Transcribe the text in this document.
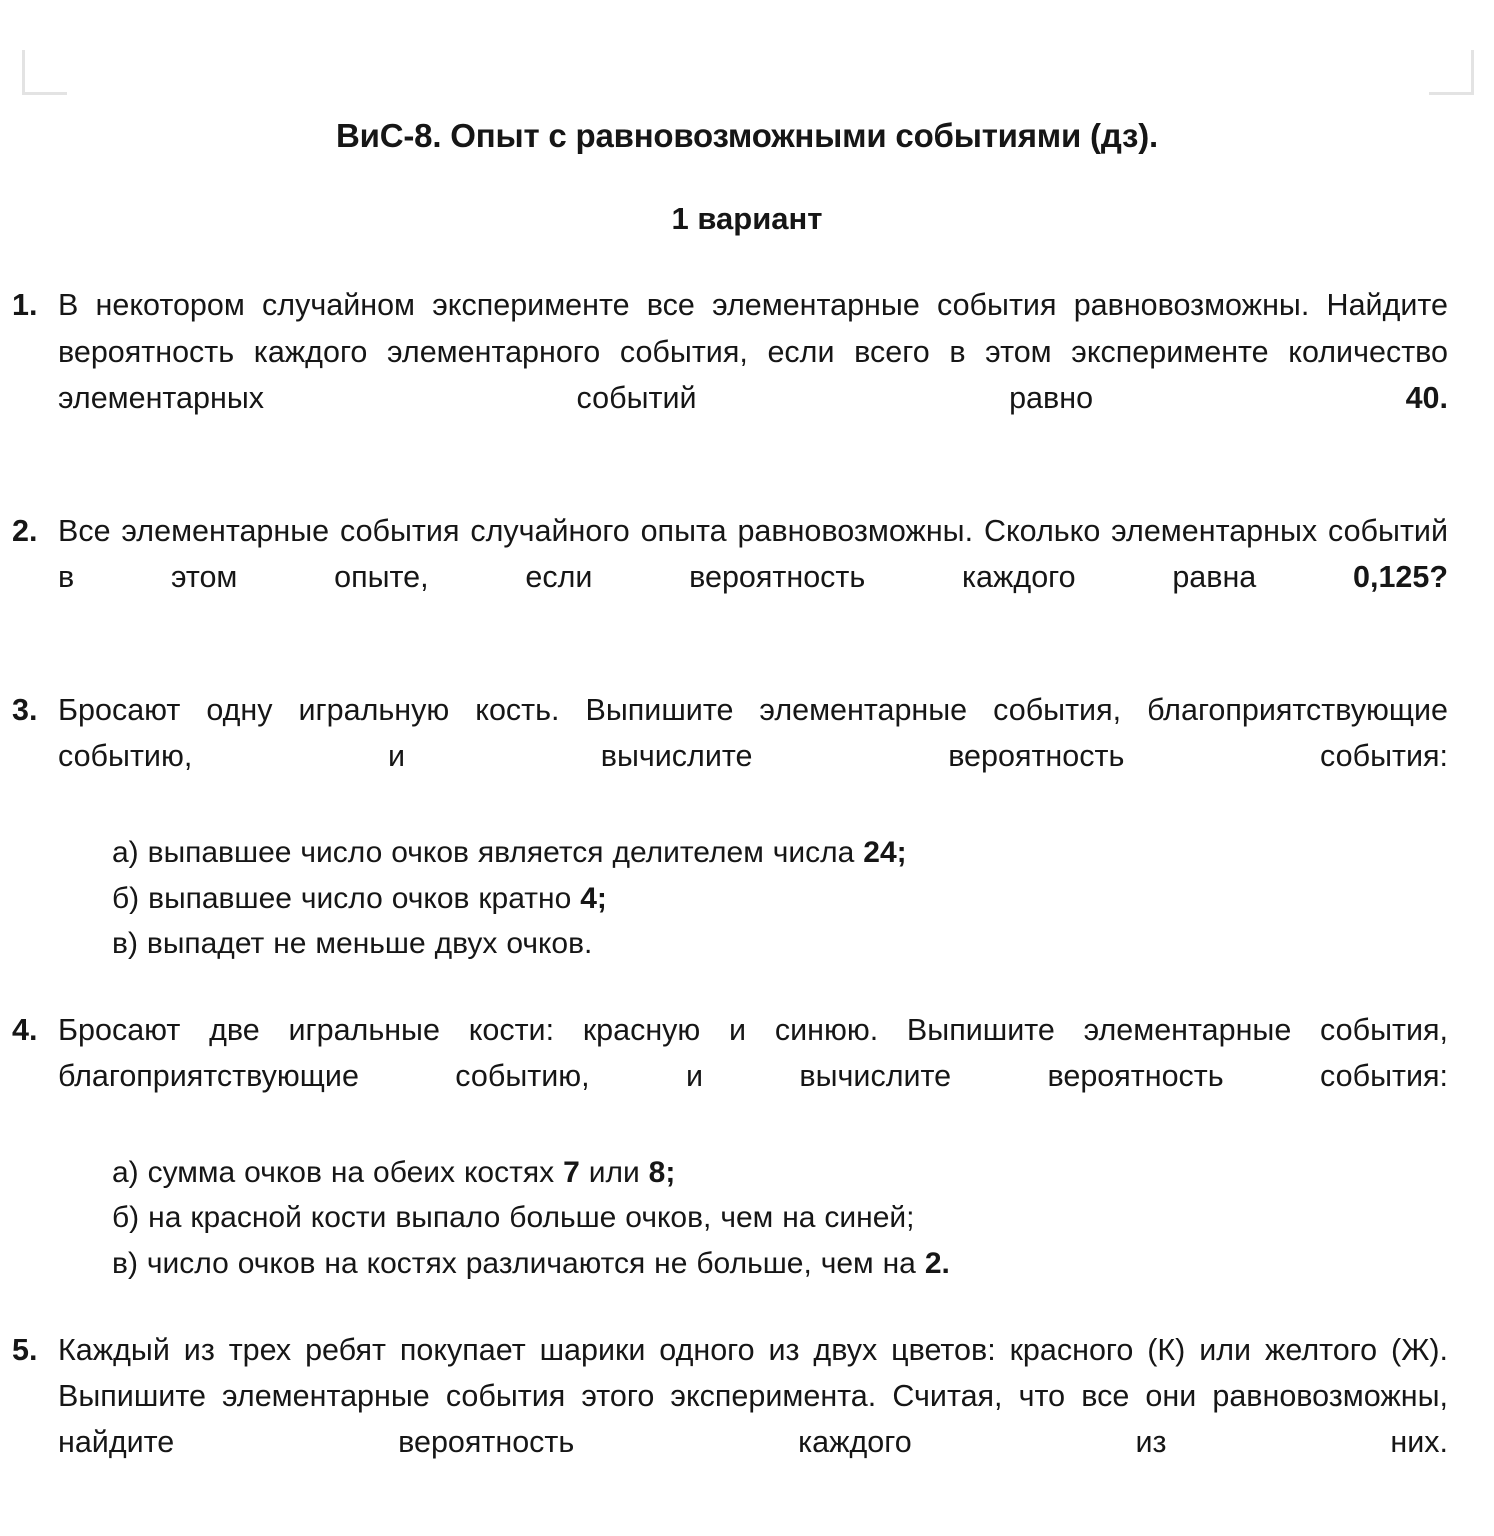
ВиС-8. Опыт с равновозможными событиями (дз).
1 вариант
1. В некотором случайном эксперименте все элементарные события равновозможны. Найдите вероятность каждого элементарного события, если всего в этом эксперименте количество элементарных событий равно 40.
2. Все элементарные события случайного опыта равновозможны. Сколько элементарных событий в этом опыте, если вероятность каждого равна 0,125?
3. Бросают одну игральную кость. Выпишите элементарные события, благоприятствующие событию, и вычислите вероятность события:
а) выпавшее число очков является делителем числа 24;
б) выпавшее число очков кратно 4;
в) выпадет не меньше двух очков.
4. Бросают две игральные кости: красную и синюю. Выпишите элементарные события, благоприятствующие событию, и вычислите вероятность события:
а) сумма очков на обеих костях 7 или 8;
б) на красной кости выпало больше очков, чем на синей;
в) число очков на костях различаются не больше, чем на 2.
5. Каждый из трех ребят покупает шарики одного из двух цветов: красного (К) или желтого (Ж). Выпишите элементарные события этого эксперимента. Считая, что все они равновозможны, найдите вероятность каждого из них.
